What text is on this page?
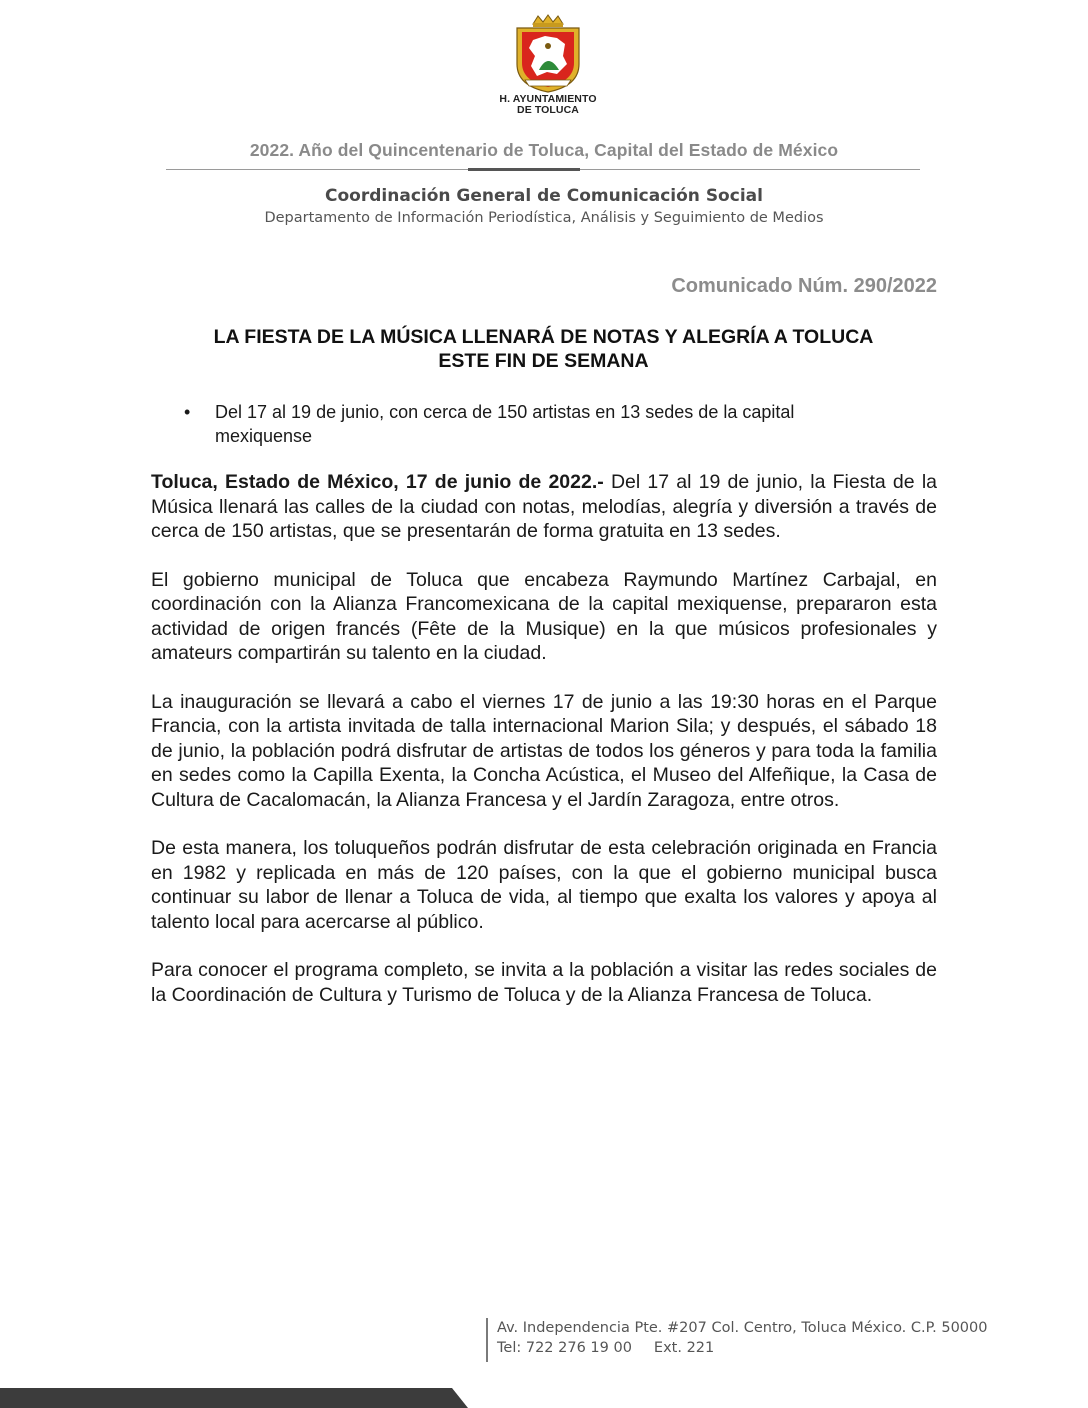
H. AYUNTAMIENTO
DE TOLUCA
2022. Año del Quincentenario de Toluca, Capital del Estado de México
Coordinación General de Comunicación Social
Departamento de Información Periodística, Análisis y Seguimiento de Medios
Comunicado Núm. 290/2022
LA FIESTA DE LA MÚSICA LLENARÁ DE NOTAS Y ALEGRÍA A TOLUCA
ESTE FIN DE SEMANA
• Del 17 al 19 de junio, con cerca de 150 artistas en 13 sedes de la capital
mexiquense

Toluca, Estado de México, 17 de junio de 2022.- Del 17 al 19 de junio, la Fiesta de la Música llenará las calles de la ciudad con notas, melodías, alegría y diversión a través de cerca de 150 artistas, que se presentarán de forma gratuita en 13 sedes.

El gobierno municipal de Toluca que encabeza Raymundo Martínez Carbajal, en coordinación con la Alianza Francomexicana de la capital mexiquense, prepararon esta actividad de origen francés (Fête de la Musique) en la que músicos profesionales y amateurs compartirán su talento en la ciudad.

La inauguración se llevará a cabo el viernes 17 de junio a las 19:30 horas en el Parque Francia, con la artista invitada de talla internacional Marion Sila; y después, el sábado 18 de junio, la población podrá disfrutar de artistas de todos los géneros y para toda la familia en sedes como la Capilla Exenta, la Concha Acústica, el Museo del Alfeñique, la Casa de Cultura de Cacalomacán, la Alianza Francesa y el Jardín Zaragoza, entre otros.

De esta manera, los toluqueños podrán disfrutar de esta celebración originada en Francia en 1982 y replicada en más de 120 países, con la que el gobierno municipal busca continuar su labor de llenar a Toluca de vida, al tiempo que exalta los valores y apoya al talento local para acercarse al público.

Para conocer el programa completo, se invita a la población a visitar las redes sociales de la Coordinación de Cultura y Turismo de Toluca y de la Alianza Francesa de Toluca.

Av. Independencia Pte. #207 Col. Centro, Toluca México. C.P. 50000
Tel: 722 276 19 00 Ext. 221
